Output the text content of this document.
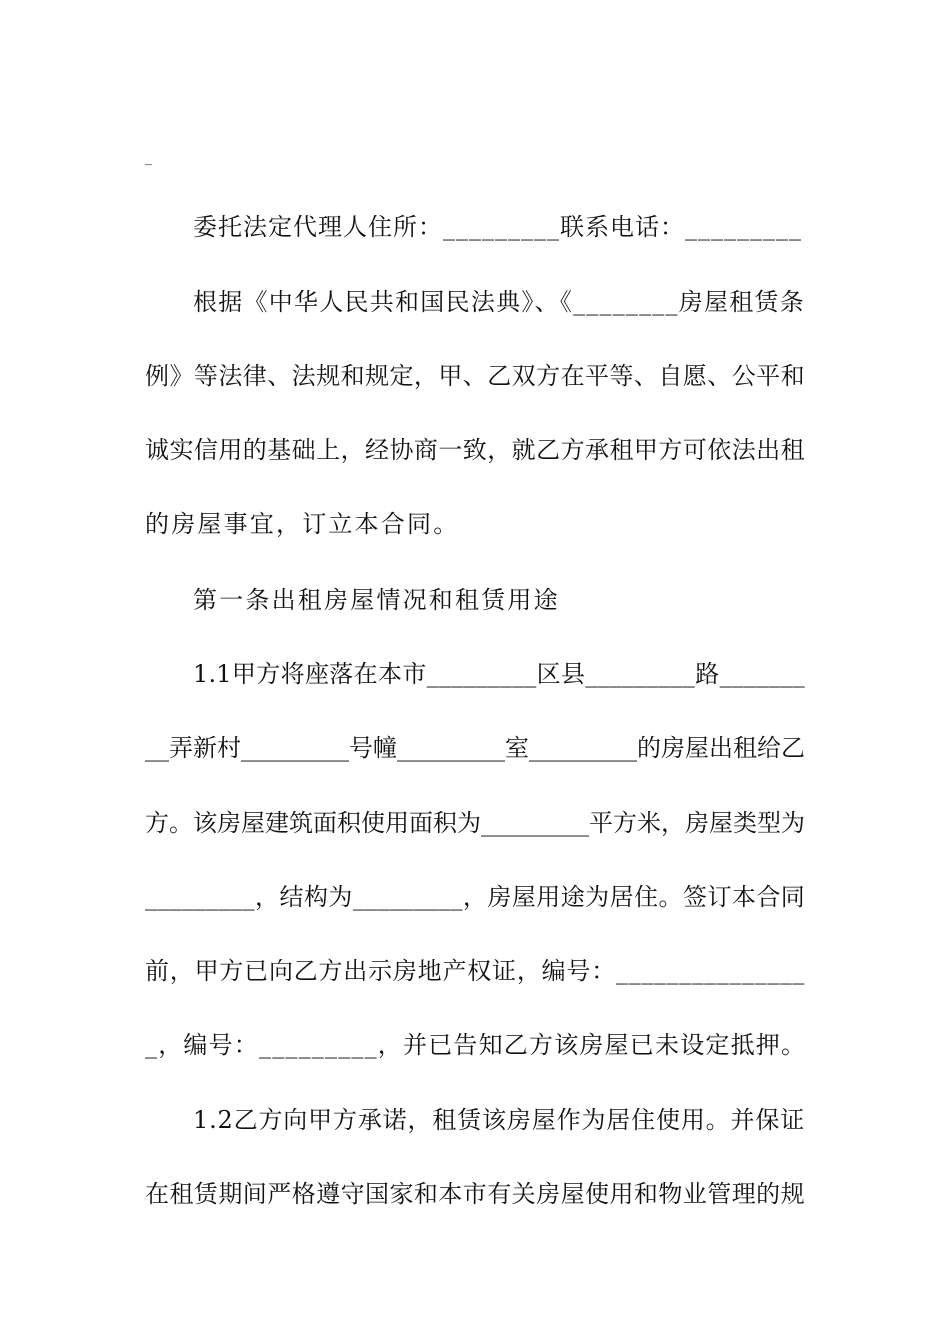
_
委托法定代理人住所：_________联系电话：_________
根据《中华人民共和国民法典》、《________房屋租赁条
例》等法律、法规和规定，甲、乙双方在平等、自愿、公平和
诚实信用的基础上，经协商一致，就乙方承租甲方可依法出租
的房屋事宜，订立本合同。
第一条出租房屋情况和租赁用途
1.1甲方将座落在本市_________区县_________路_______
__弄新村_________号幢_________室_________的房屋出租给乙
方。该房屋建筑面积使用面积为_________平方米，房屋类型为
_________，结构为_________，房屋用途为居住。签订本合同
前，甲方已向乙方出示房地产权证，编号：_______________
_，编号：_________，并已告知乙方该房屋已未设定抵押。
1.2乙方向甲方承诺，租赁该房屋作为居住使用。并保证
在租赁期间严格遵守国家和本市有关房屋使用和物业管理的规
